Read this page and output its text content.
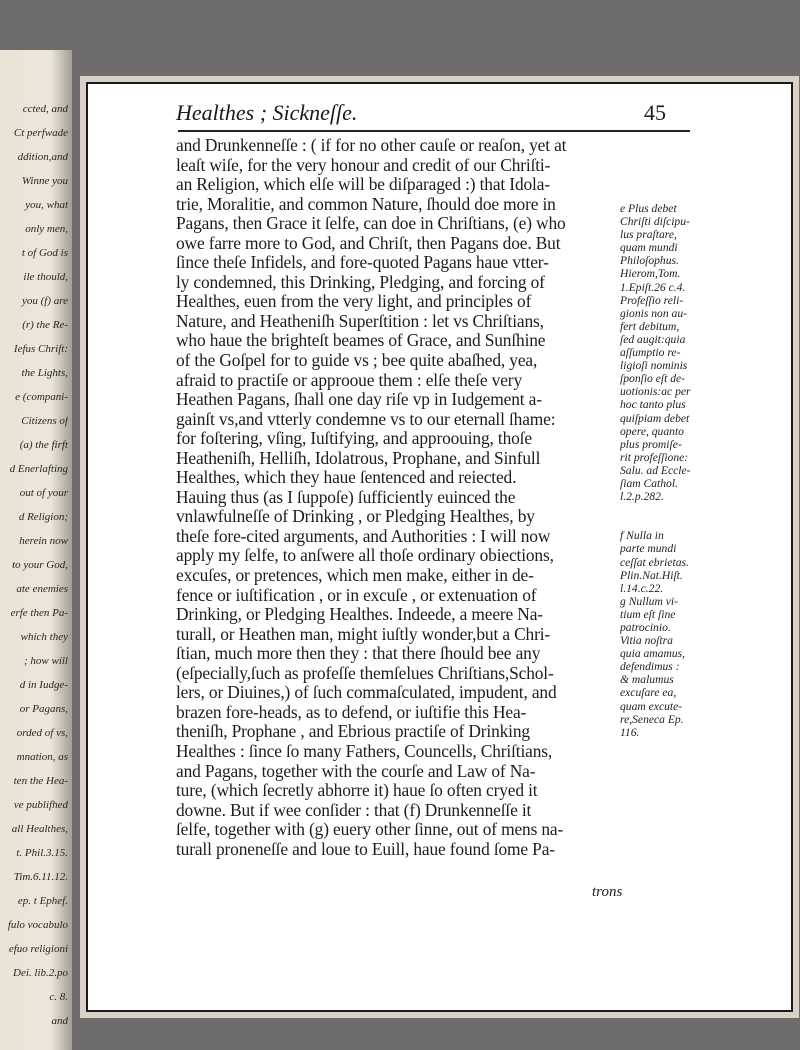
ccted, and
Ct perfwade
ddition,and
Winne you
you, what
only men,
t of God is
ile thould,
you (f) are
(r) the Re-
Iefus Chrift:
the Lights,
e (compani-
Citizens of
(a) the firft
d Enerlafting
out of your
d Religion;
herein now
to your God,
ate enemies
erfe then Pa-
which they
; how will
d in Iudge-
or Pagans,
orded of vs,
mnation, as
ten the Hea-
ve publifhed
all Healthes,
t. Phil.3.15.
Tim.6.11.12.
ep. t Ephef.
fulo vocabulo
efuo religioni
Dei. lib.2.po
c. 8.
and
Healthes ; Sickneſſe.	45
and Drunkenneſſe : ( if for no other cauſe or reaſon, yet at
leaſt wiſe, for the very honour and credit of our Chriſti-
an Religion, which elſe will be diſparaged :) that Idola-
trie, Moralitie, and common Nature, ſhould doe more in
Pagans, then Grace it ſelfe, can doe in Chriſtians, (e) who
owe farre more to God, and Chriſt, then Pagans doe. But
ſince theſe Infidels, and fore-quoted Pagans haue vtter-
ly condemned, this Drinking, Pledging, and forcing of
Healthes, euen from the very light, and principles of
Nature, and Heatheniſh Superſtition : let vs Chriſtians,
who haue the brighteſt beames of Grace, and Sunſhine
of the Goſpel for to guide vs ; bee quite abaſhed, yea,
afraid to practiſe or approoue them : elſe theſe very
Heathen Pagans, ſhall one day riſe vp in Iudgement a-
gainſt vs,and vtterly condemne vs to our eternall ſhame:
for foſtering, vſing, Iuſtifying, and approouing, thoſe
Heatheniſh, Helliſh, Idolatrous, Prophane, and Sinfull
Healthes, which they haue ſentenced and reiected.
Hauing thus (as I ſuppoſe) ſufficiently euinced the
vnlawfulneſſe of Drinking , or Pledging Healthes, by
theſe fore-cited arguments, and Authorities : I will now
apply my ſelfe, to anſwere all thoſe ordinary obiections,
excuſes, or pretences, which men make, either in de-
fence or iuſtification , or in excuſe , or extenuation of
Drinking, or Pledging Healthes. Indeede, a meere Na-
turall, or Heathen man, might iuſtly wonder,but a Chri-
ſtian, much more then they : that there ſhould bee any
(eſpecially,ſuch as profeſſe themſelues Chriſtians,Schol-
lers, or Diuines,) of ſuch commaſculated, impudent, and
brazen fore-heads, as to defend, or iuſtifie this Hea-
theniſh, Prophane , and Ebrious practiſe of Drinking
Healthes : ſince ſo many Fathers, Councells, Chriſtians,
and Pagans, together with the courſe and Law of Na-
ture, (which ſecretly abhorre it) haue ſo often cryed it
downe. But if wee conſider : that (f) Drunkenneſſe it
ſelfe, together with (g) euery other ſinne, out of mens na-
turall proneneſſe and loue to Euill, haue found ſome Pa-
e Plus debet
Chriſti diſcipu-
lus praſtare,
quam mundi
Philoſophus.
Hierom,Tom.
1.Epiſt.26 c.4.
Profeſſio reli-
gionis non au-
fert debitum,
ſed augit:quia
aſſumptio re-
ligioſi nominis
ſponſio eſt de-
uotionis:ac per
hoc tanto plus
quiſpiam debet
opere, quanto
plus promiſe-
rit profeſſione:
Salu. ad Eccle-
ſiam Cathol.
l.2.p.282.
f Nulla in
parte mundi
ceſſat ebrietas.
Plin.Nat.Hiſt.
l.14.c.22.
g Nullum vi-
tium eſt ſine
patrocinio.
Vitia noſtra
quia amamus,
defendimus :
& malumus
excuſare ea,
quam excute-
re,Seneca Ep.
116.
trons
